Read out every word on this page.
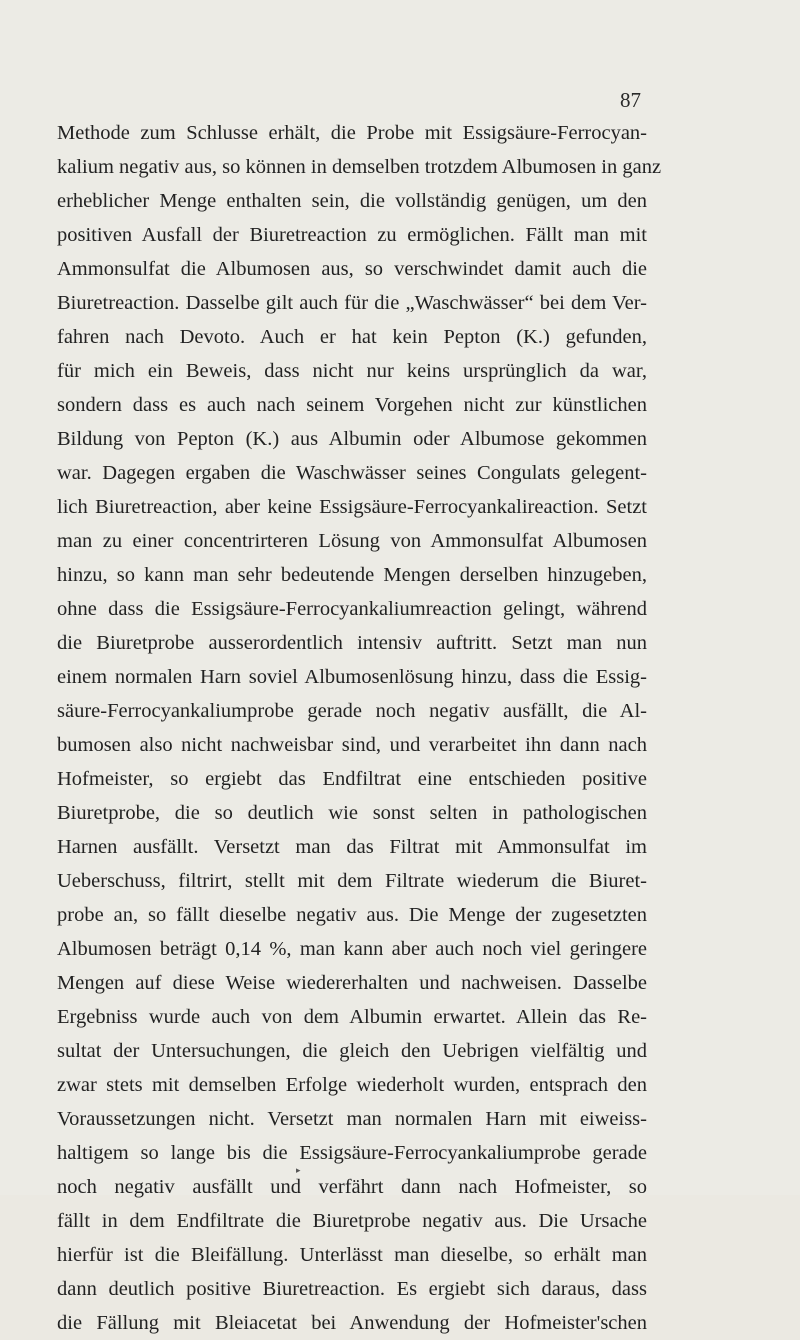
87
Methode zum Schlusse erhält, die Probe mit Essigsäure-Ferrocyan-
kalium negativ aus, so können in demselben trotzdem Albumosen in ganz
erheblicher Menge enthalten sein, die vollständig genügen, um den
positiven Ausfall der Biuretreaction zu ermöglichen. Fällt man mit
Ammonsulfat die Albumosen aus, so verschwindet damit auch die
Biuretreaction. Dasselbe gilt auch für die „Waschwässer“ bei dem Ver-
fahren nach Devoto. Auch er hat kein Pepton (K.) gefunden,
für mich ein Beweis, dass nicht nur keins ursprünglich da war,
sondern dass es auch nach seinem Vorgehen nicht zur künstlichen
Bildung von Pepton (K.) aus Albumin oder Albumose gekommen
war. Dagegen ergaben die Waschwässer seines Congulats gelegent-
lich Biuretreaction, aber keine Essigsäure-Ferrocyankalireaction. Setzt
man zu einer concentrirteren Lösung von Ammonsulfat Albumosen
hinzu, so kann man sehr bedeutende Mengen derselben hinzugeben,
ohne dass die Essigsäure-Ferrocyankaliumreaction gelingt, während
die Biuretprobe ausserordentlich intensiv auftritt. Setzt man nun
einem normalen Harn soviel Albumosenlösung hinzu, dass die Essig-
säure-Ferrocyankaliumprobe gerade noch negativ ausfällt, die Al-
bumosen also nicht nachweisbar sind, und verarbeitet ihn dann nach
Hofmeister, so ergiebt das Endfiltrat eine entschieden positive
Biuretprobe, die so deutlich wie sonst selten in pathologischen
Harnen ausfällt. Versetzt man das Filtrat mit Ammonsulfat im
Ueberschuss, filtrirt, stellt mit dem Filtrate wiederum die Biuret-
probe an, so fällt dieselbe negativ aus. Die Menge der zugesetzten
Albumosen beträgt 0,14 %, man kann aber auch noch viel geringere
Mengen auf diese Weise wiedererhalten und nachweisen. Dasselbe
Ergebniss wurde auch von dem Albumin erwartet. Allein das Re-
sultat der Untersuchungen, die gleich den Uebrigen vielfältig und
zwar stets mit demselben Erfolge wiederholt wurden, entsprach den
Voraussetzungen nicht. Versetzt man normalen Harn mit eiweiss-
haltigem so lange bis die Essigsäure-Ferrocyankaliumprobe gerade
noch negativ ausfällt und verfährt dann nach Hofmeister, so
fällt in dem Endfiltrate die Biuretprobe negativ aus. Die Ursache
hierfür ist die Bleifällung. Unterlässt man dieselbe, so erhält man
dann deutlich positive Biuretreaction. Es ergiebt sich daraus, dass
die Fällung mit Bleiacetat bei Anwendung der Hofmeister'schen
▸
